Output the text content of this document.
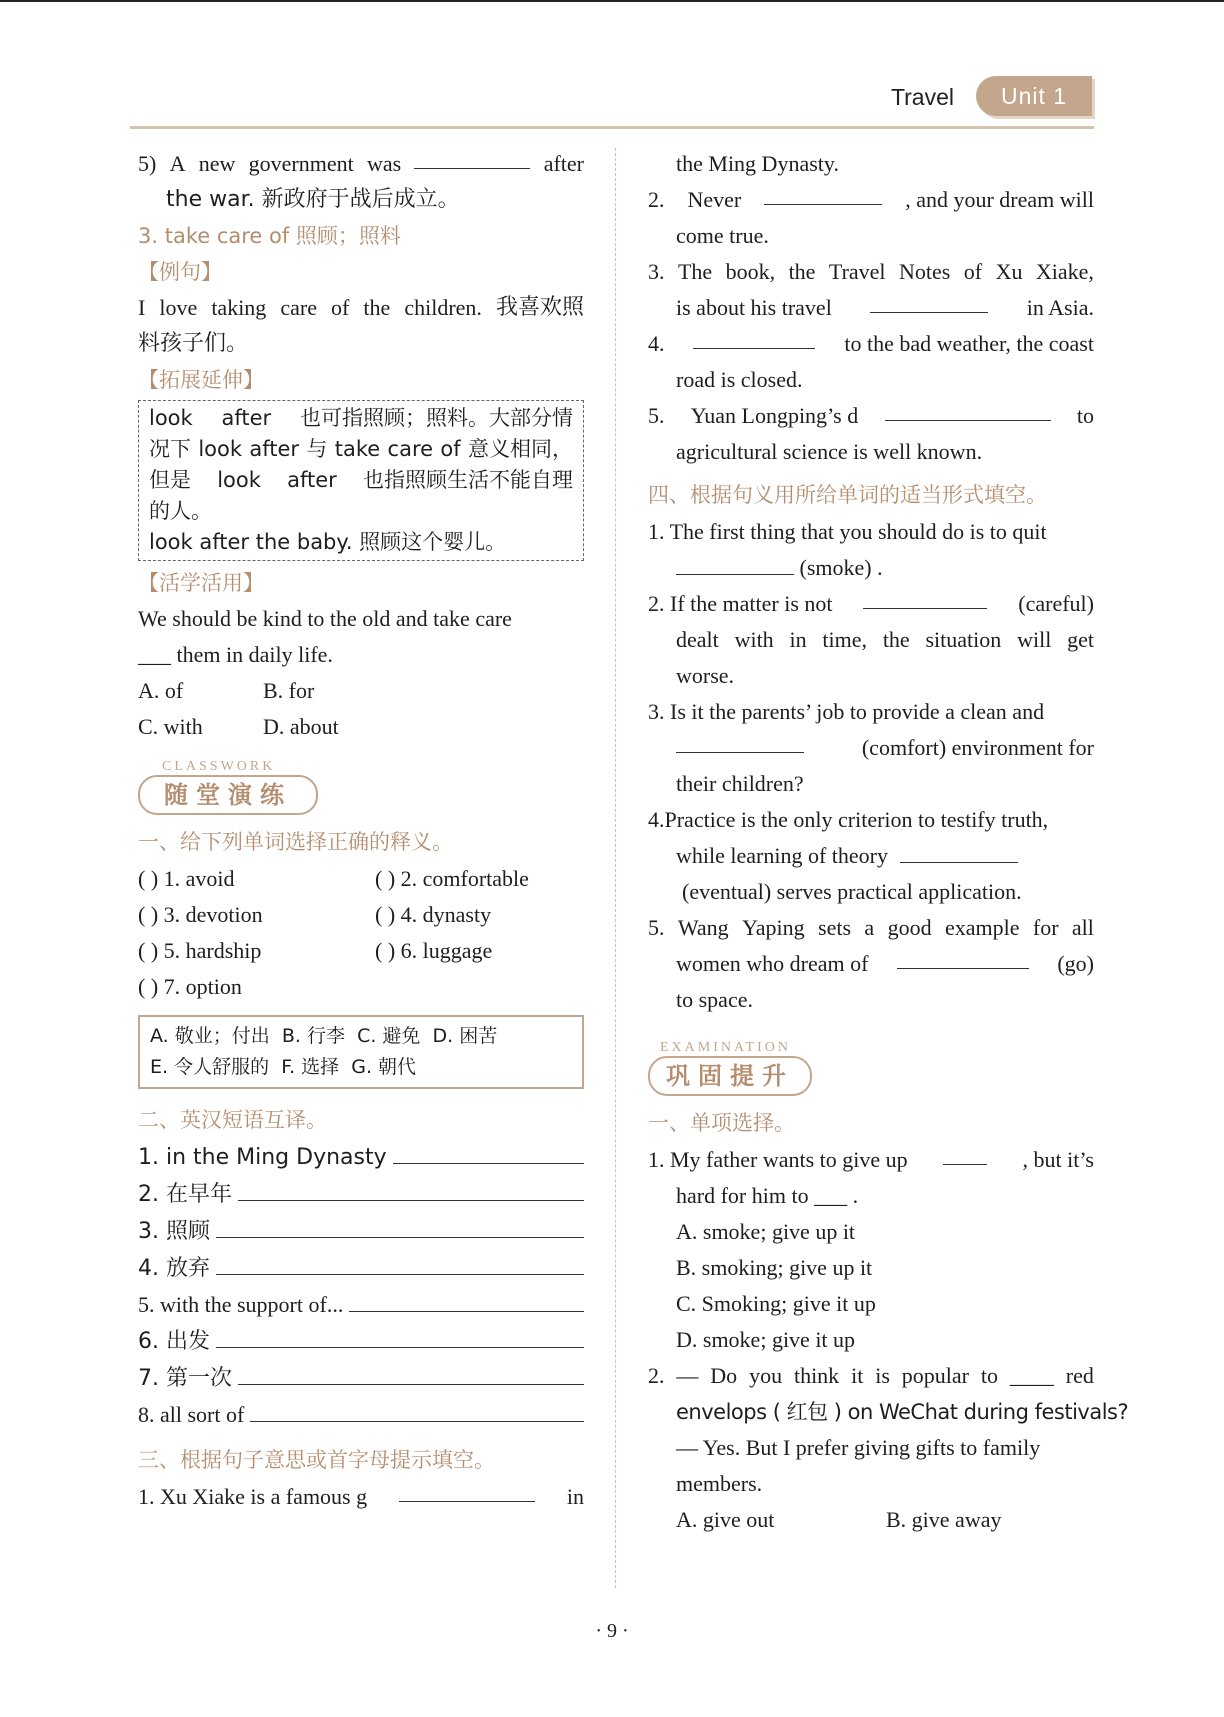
Travel	Unit 1
5) A new government was	after
the war. 新政府于战后成立。
3. take care of 照顾；照料
【例句】
I love taking care of the children. 我喜欢照
料孩子们。
【拓展延伸】
look after 也可指照顾；照料。大部分情
况下 look after 与 take care of 意义相同，
但是 look after 也指照顾生活不能自理
的人。
look after the baby. 照顾这个婴儿。
【活学活用】
We should be kind to the old and take care
___ them in daily life.
A. of	B. for
C. with	D. about
CLASSWORK
随堂演练
一、给下列单词选择正确的释义。
( ) 1. avoid	( ) 2. comfortable
( ) 3. devotion	( ) 4. dynasty
( ) 5. hardship	( ) 6. luggage
( ) 7. option
A. 敬业；付出 B. 行李 C. 避免 D. 困苦
E. 令人舒服的 F. 选择 G. 朝代
二、英汉短语互译。
1. in the Ming Dynasty
2. 在早年
3. 照顾
4. 放弃
5. with the support of...
6. 出发
7. 第一次
8. all sort of
三、根据句子意思或首字母提示填空。
1. Xu Xiake is a famous g	in
the Ming Dynasty.
2. Never	, and your dream will
come true.
3. The book, the Travel Notes of Xu Xiake,
is about his travel	in Asia.
4.	to the bad weather, the coast
road is closed.
5. Yuan Longping’s d	to
agricultural science is well known.
四、根据句义用所给单词的适当形式填空。
1. The first thing that you should do is to quit
(smoke) .
2. If the matter is not	(careful)
dealt with in time, the situation will get
worse.
3. Is it the parents’ job to provide a clean and
(comfort) environment for
their children?
4.Practice is the only criterion to testify truth,
while learning of theory
(eventual) serves practical application.
5. Wang Yaping sets a good example for all
women who dream of	(go)
to space.
EXAMINATION
巩固提升
一、单项选择。
1. My father wants to give up	, but it’s
hard for him to ___ .
A. smoke; give up it
B. smoking; give up it
C. Smoking; give it up
D. smoke; give it up
2. — Do you think it is popular to ____ red
envelops ( 红包 ) on WeChat during festivals?
— Yes. But I prefer giving gifts to family
members.
A. give out	B. give away
· 9 ·
